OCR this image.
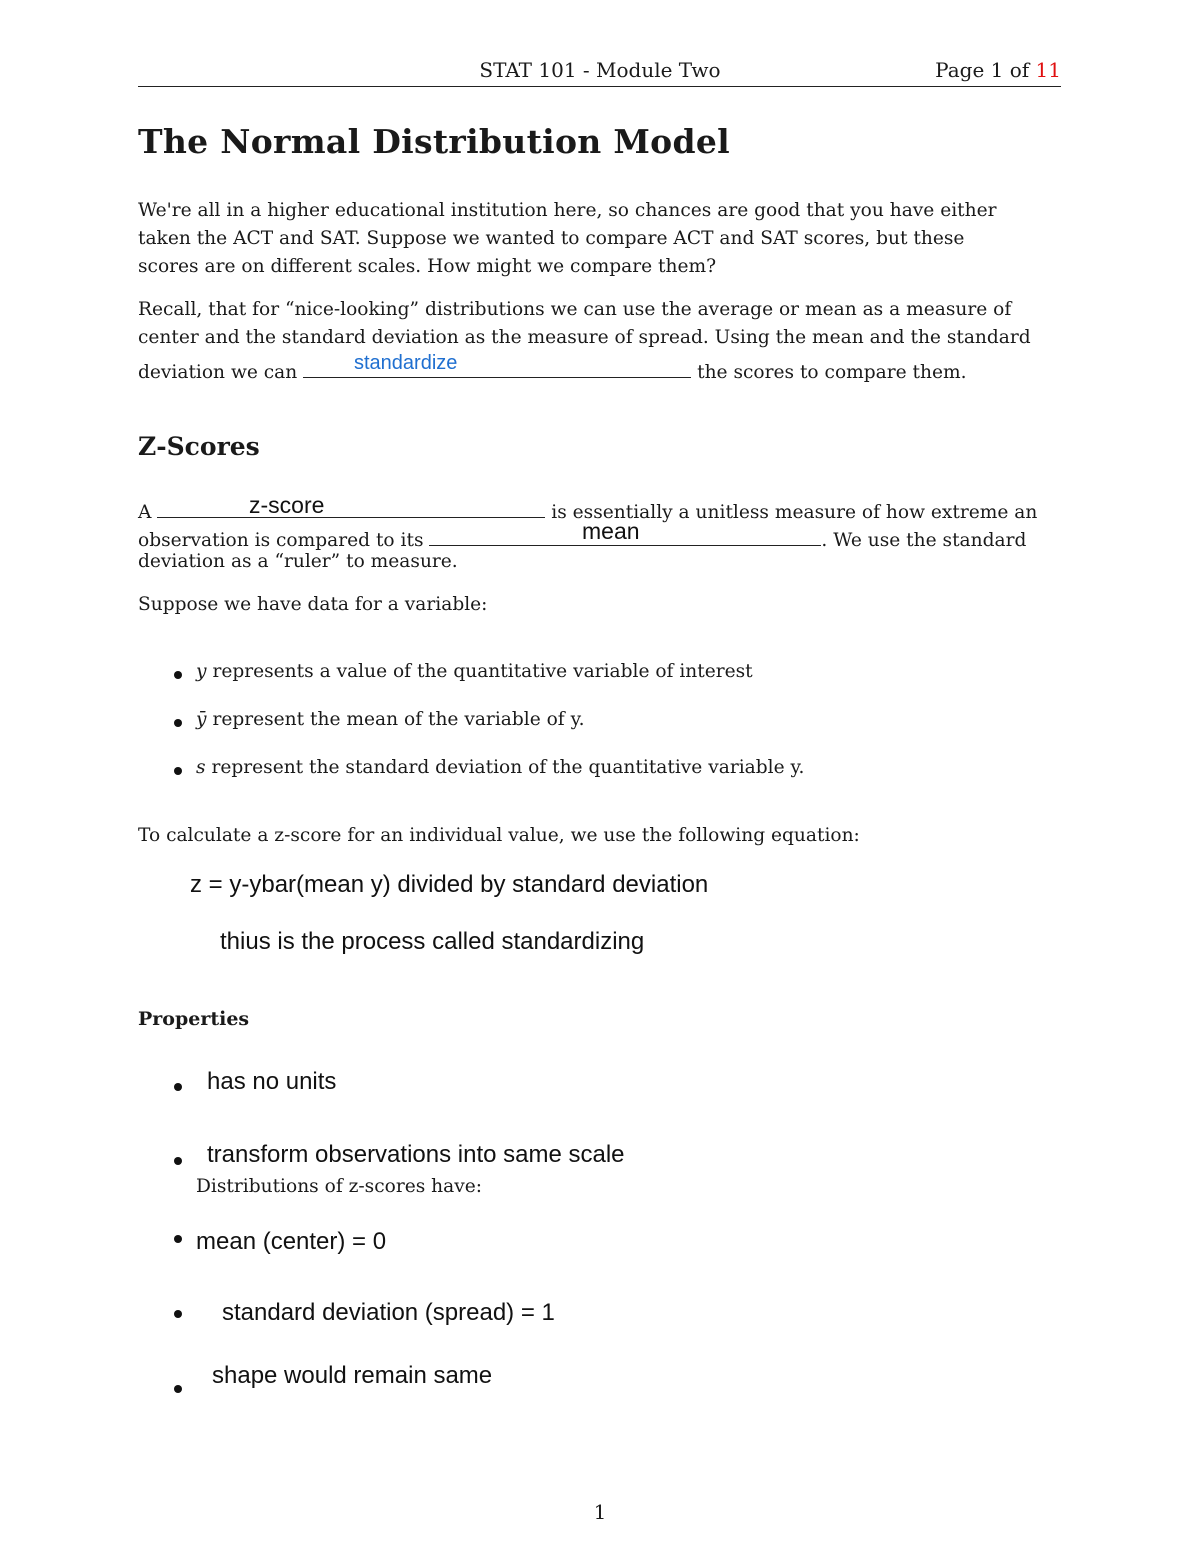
STAT 101 - Module Two	Page 1 of 11
The Normal Distribution Model
We're all in a higher educational institution here, so chances are good that you have either
taken the ACT and SAT. Suppose we wanted to compare ACT and SAT scores, but these
scores are on different scales. How might we compare them?
Recall, that for “nice-looking” distributions we can use the average or mean as a measure of
center and the standard deviation as the measure of spread. Using the mean and the standard
deviation we can	the scores to compare them.
standardize
Z-Scores
A	is essentially a unitless measure of how extreme an
z-score
observation is compared to its	. We use the standard
mean
deviation as a “ruler” to measure.
Suppose we have data for a variable:
y represents a value of the quantitative variable of interest
ȳ represent the mean of the variable of y.
s represent the standard deviation of the quantitative variable y.
To calculate a z-score for an individual value, we use the following equation:
z = y-ybar(mean y) divided by standard deviation
thius is the process called standardizing
Properties
has no units
transform observations into same scale
Distributions of z-scores have:
mean (center) = 0
standard deviation (spread) = 1
shape would remain same
1
